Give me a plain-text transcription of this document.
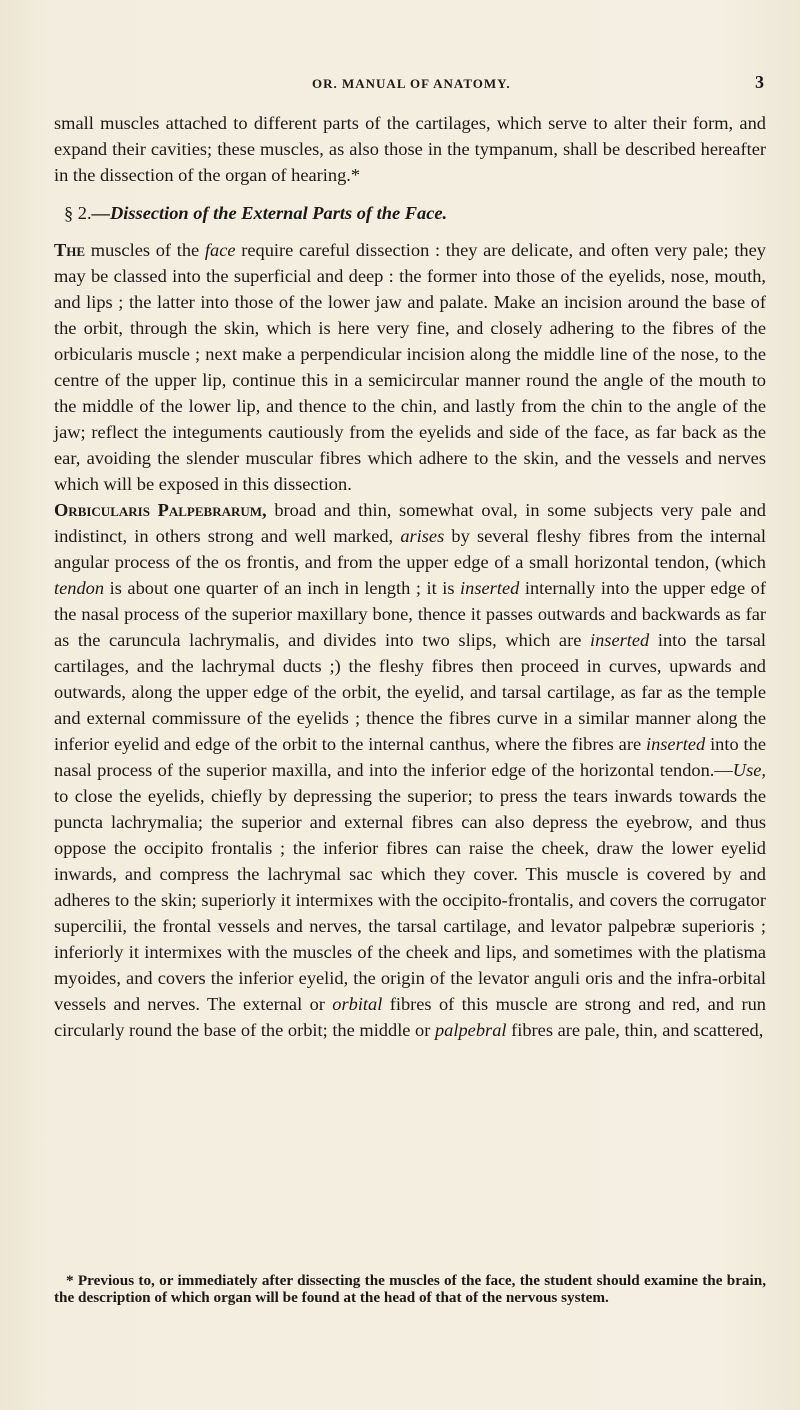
OR. MANUAL OF ANATOMY.	3

small muscles attached to different parts of the cartilages, which serve to alter their form, and expand their cavities; these muscles, as also those in the tympanum, shall be described hereafter in the dissection of the organ of hearing.*

§ 2.—Dissection of the External Parts of the Face.

The muscles of the face require careful dissection : they are delicate, and often very pale; they may be classed into the superficial and deep : the former into those of the eyelids, nose, mouth, and lips ; the latter into those of the lower jaw and palate. Make an incision around the base of the orbit, through the skin, which is here very fine, and closely adhering to the fibres of the orbicularis muscle ; next make a perpendicular incision along the middle line of the nose, to the centre of the upper lip, continue this in a semicircular manner round the angle of the mouth to the middle of the lower lip, and thence to the chin, and lastly from the chin to the angle of the jaw; reflect the integuments cautiously from the eyelids and side of the face, as far back as the ear, avoiding the slender muscular fibres which adhere to the skin, and the vessels and nerves which will be exposed in this dissection.

Orbicularis Palpebrarum, broad and thin, somewhat oval, in some subjects very pale and indistinct, in others strong and well marked, arises by several fleshy fibres from the internal angular process of the os frontis, and from the upper edge of a small horizontal tendon, (which tendon is about one quarter of an inch in length ; it is inserted internally into the upper edge of the nasal process of the superior maxillary bone, thence it passes outwards and backwards as far as the caruncula lachrymalis, and divides into two slips, which are inserted into the tarsal cartilages, and the lachrymal ducts ;) the fleshy fibres then proceed in curves, upwards and outwards, along the upper edge of the orbit, the eyelid, and tarsal cartilage, as far as the temple and external commissure of the eyelids ; thence the fibres curve in a similar manner along the inferior eyelid and edge of the orbit to the internal canthus, where the fibres are inserted into the nasal process of the superior maxilla, and into the inferior edge of the horizontal tendon.—Use, to close the eyelids, chiefly by depressing the superior; to press the tears inwards towards the puncta lachrymalia; the superior and external fibres can also depress the eyebrow, and thus oppose the occipito frontalis ; the inferior fibres can raise the cheek, draw the lower eyelid inwards, and compress the lachrymal sac which they cover. This muscle is covered by and adheres to the skin; superiorly it intermixes with the occipito-frontalis, and covers the corrugator supercilii, the frontal vessels and nerves, the tarsal cartilage, and levator palpebræ superioris ; inferiorly it intermixes with the muscles of the cheek and lips, and sometimes with the platisma myoides, and covers the inferior eyelid, the origin of the levator anguli oris and the infra-orbital vessels and nerves. The external or orbital fibres of this muscle are strong and red, and run circularly round the base of the orbit; the middle or palpebral fibres are pale, thin, and scattered,

* Previous to, or immediately after dissecting the muscles of the face, the student should examine the brain, the description of which organ will be found at the head of that of the nervous system.
